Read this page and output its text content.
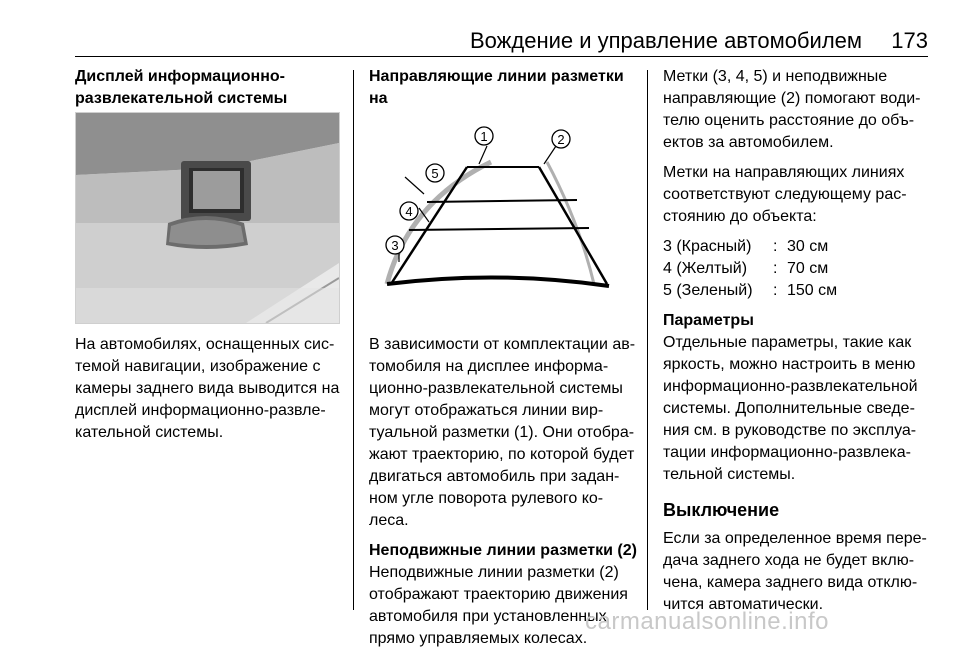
Вождение и управление автомобилем	173

Дисплей информационно-
развлекательной системы

На автомобилях, оснащенных сис-
темой навигации, изображение с
камеры заднего вида выводится на
дисплей информационно-развле-
кательной системы.

Направляющие линии разметки на

1	2
3
4
5

В зависимости от комплектации ав-
томобиля на дисплее информа-
ционно-развлекательной системы
могут отображаться линии вир-
туальной разметки (1). Они отобра-
жают траекторию, по которой будет
двигаться автомобиль при задан-
ном угле поворота рулевого ко-
леса.

Неподвижные линии разметки (2)

Неподвижные линии разметки (2)
отображают траекторию движения
автомобиля при установленных
прямо управляемых колесах.

Метки (3, 4, 5) и неподвижные
направляющие (2) помогают води-
телю оценить расстояние до объ-
ектов за автомобилем.

Метки на направляющих линиях
соответствуют следующему рас-
стоянию до объекта:

3 (Красный)	: 30 см
4 (Желтый)	: 70 см
5 (Зеленый)	: 150 см

Параметры

Отдельные параметры, такие как
яркость, можно настроить в меню
информационно-развлекательной
системы. Дополнительные сведе-
ния см. в руководстве по эксплуа-
тации информационно-развлека-
тельной системы.

Выключение

Если за определенное время пере-
дача заднего хода не будет вклю-
чена, камера заднего вида отклю-
чится автоматически.

carmanualsonline.info
